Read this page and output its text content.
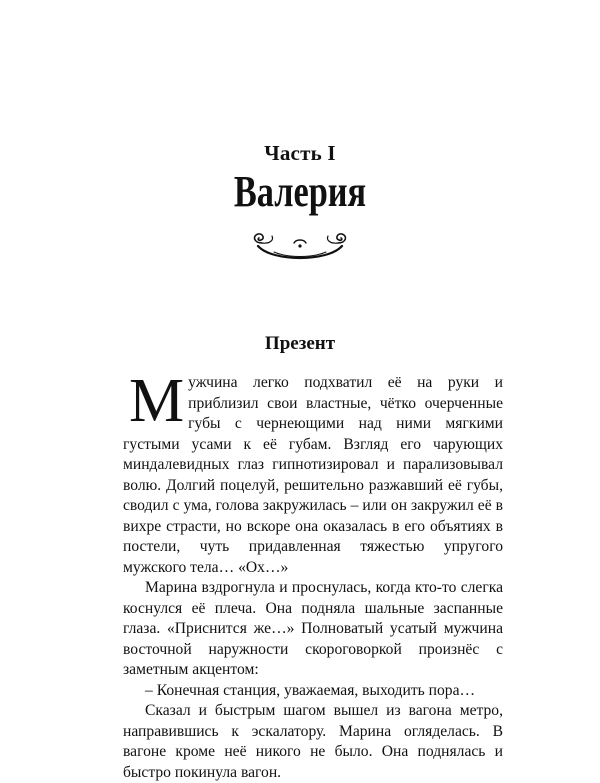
Часть I
Валерия
Презент

Мужчина легко подхватил её на руки и приблизил свои властные, чётко очерченные губы с чернеющими над ними мягкими густыми усами к её губам. Взгляд его чарующих миндалевидных глаз гипнотизировал и парализовывал волю. Долгий поцелуй, решительно разжавший её губы, сводил с ума, голова закружилась – или он закружил её в вихре страсти, но вскоре она оказалась в его объятиях в постели, чуть придавленная тяжестью упругого мужского тела… «Ох…»

Марина вздрогнула и проснулась, когда кто-то слегка коснулся её плеча. Она подняла шальные заспанные глаза. «Приснится же…» Полноватый усатый мужчина восточной наружности скороговоркой произнёс с заметным акцентом:

– Конечная станция, уважаемая, выходить пора…

Сказал и быстрым шагом вышел из вагона метро, направившись к эскалатору. Марина огляделась. В вагоне кроме неё никого не было. Она поднялась и быстро покинула вагон.
